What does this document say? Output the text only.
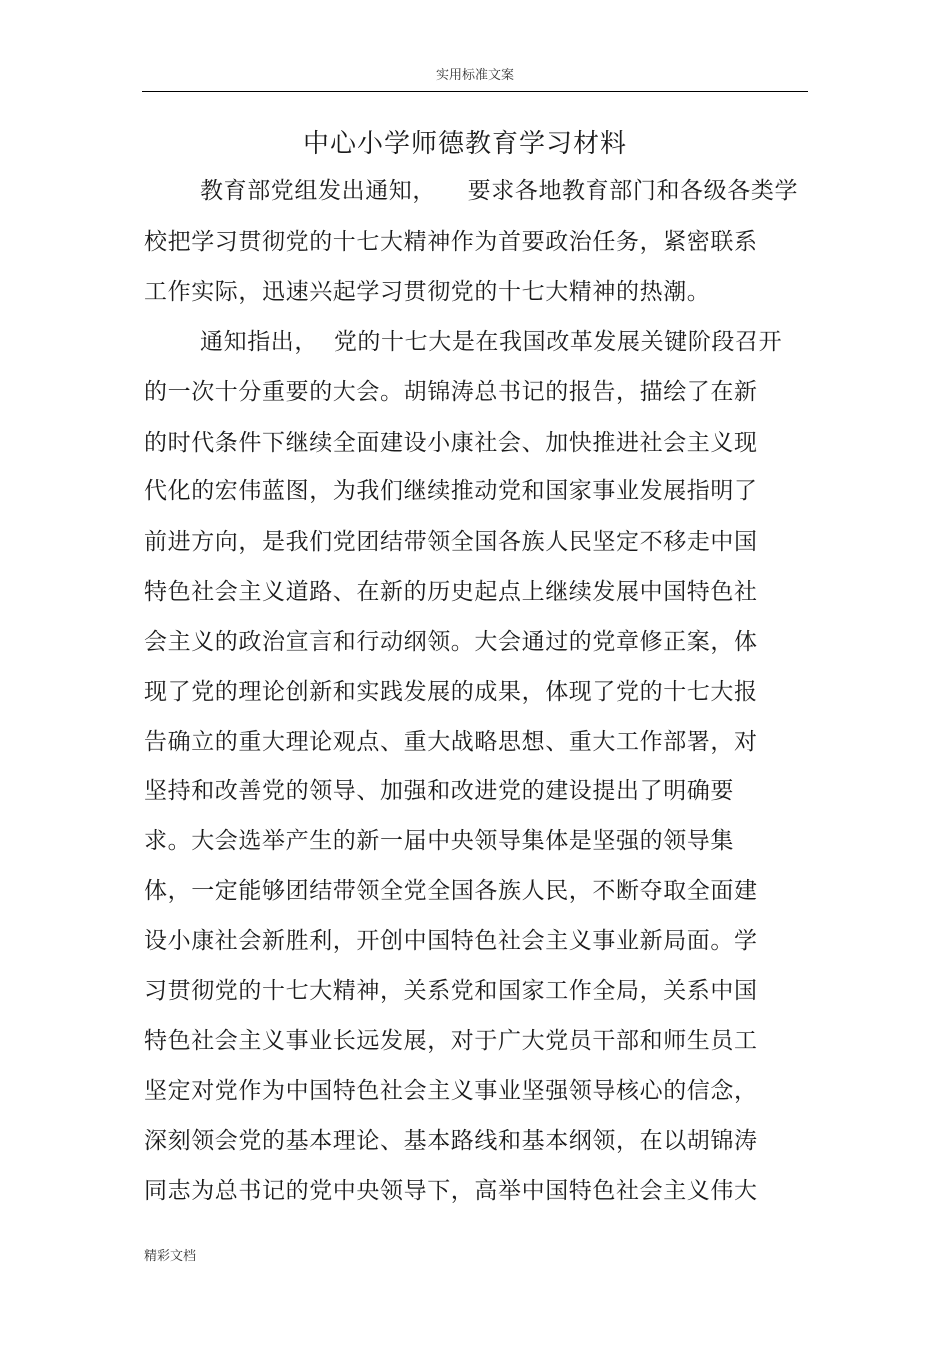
实用标准文案
中心小学师德教育学习材料
教育部党组发出通知，    要求各地教育部门和各级各类学
校把学习贯彻党的十七大精神作为首要政治任务，紧密联系
工作实际，迅速兴起学习贯彻党的十七大精神的热潮。
通知指出，  党的十七大是在我国改革发展关键阶段召开
的一次十分重要的大会。胡锦涛总书记的报告，描绘了在新
的时代条件下继续全面建设小康社会、加快推进社会主义现
代化的宏伟蓝图，为我们继续推动党和国家事业发展指明了
前进方向，是我们党团结带领全国各族人民坚定不移走中国
特色社会主义道路、在新的历史起点上继续发展中国特色社
会主义的政治宣言和行动纲领。大会通过的党章修正案，体
现了党的理论创新和实践发展的成果，体现了党的十七大报
告确立的重大理论观点、重大战略思想、重大工作部署，对
坚持和改善党的领导、加强和改进党的建设提出了明确要
求。大会选举产生的新一届中央领导集体是坚强的领导集
体，一定能够团结带领全党全国各族人民，不断夺取全面建
设小康社会新胜利，开创中国特色社会主义事业新局面。学
习贯彻党的十七大精神，关系党和国家工作全局，关系中国
特色社会主义事业长远发展，对于广大党员干部和师生员工
坚定对党作为中国特色社会主义事业坚强领导核心的信念，
深刻领会党的基本理论、基本路线和基本纲领，在以胡锦涛
同志为总书记的党中央领导下，高举中国特色社会主义伟大
精彩文档
